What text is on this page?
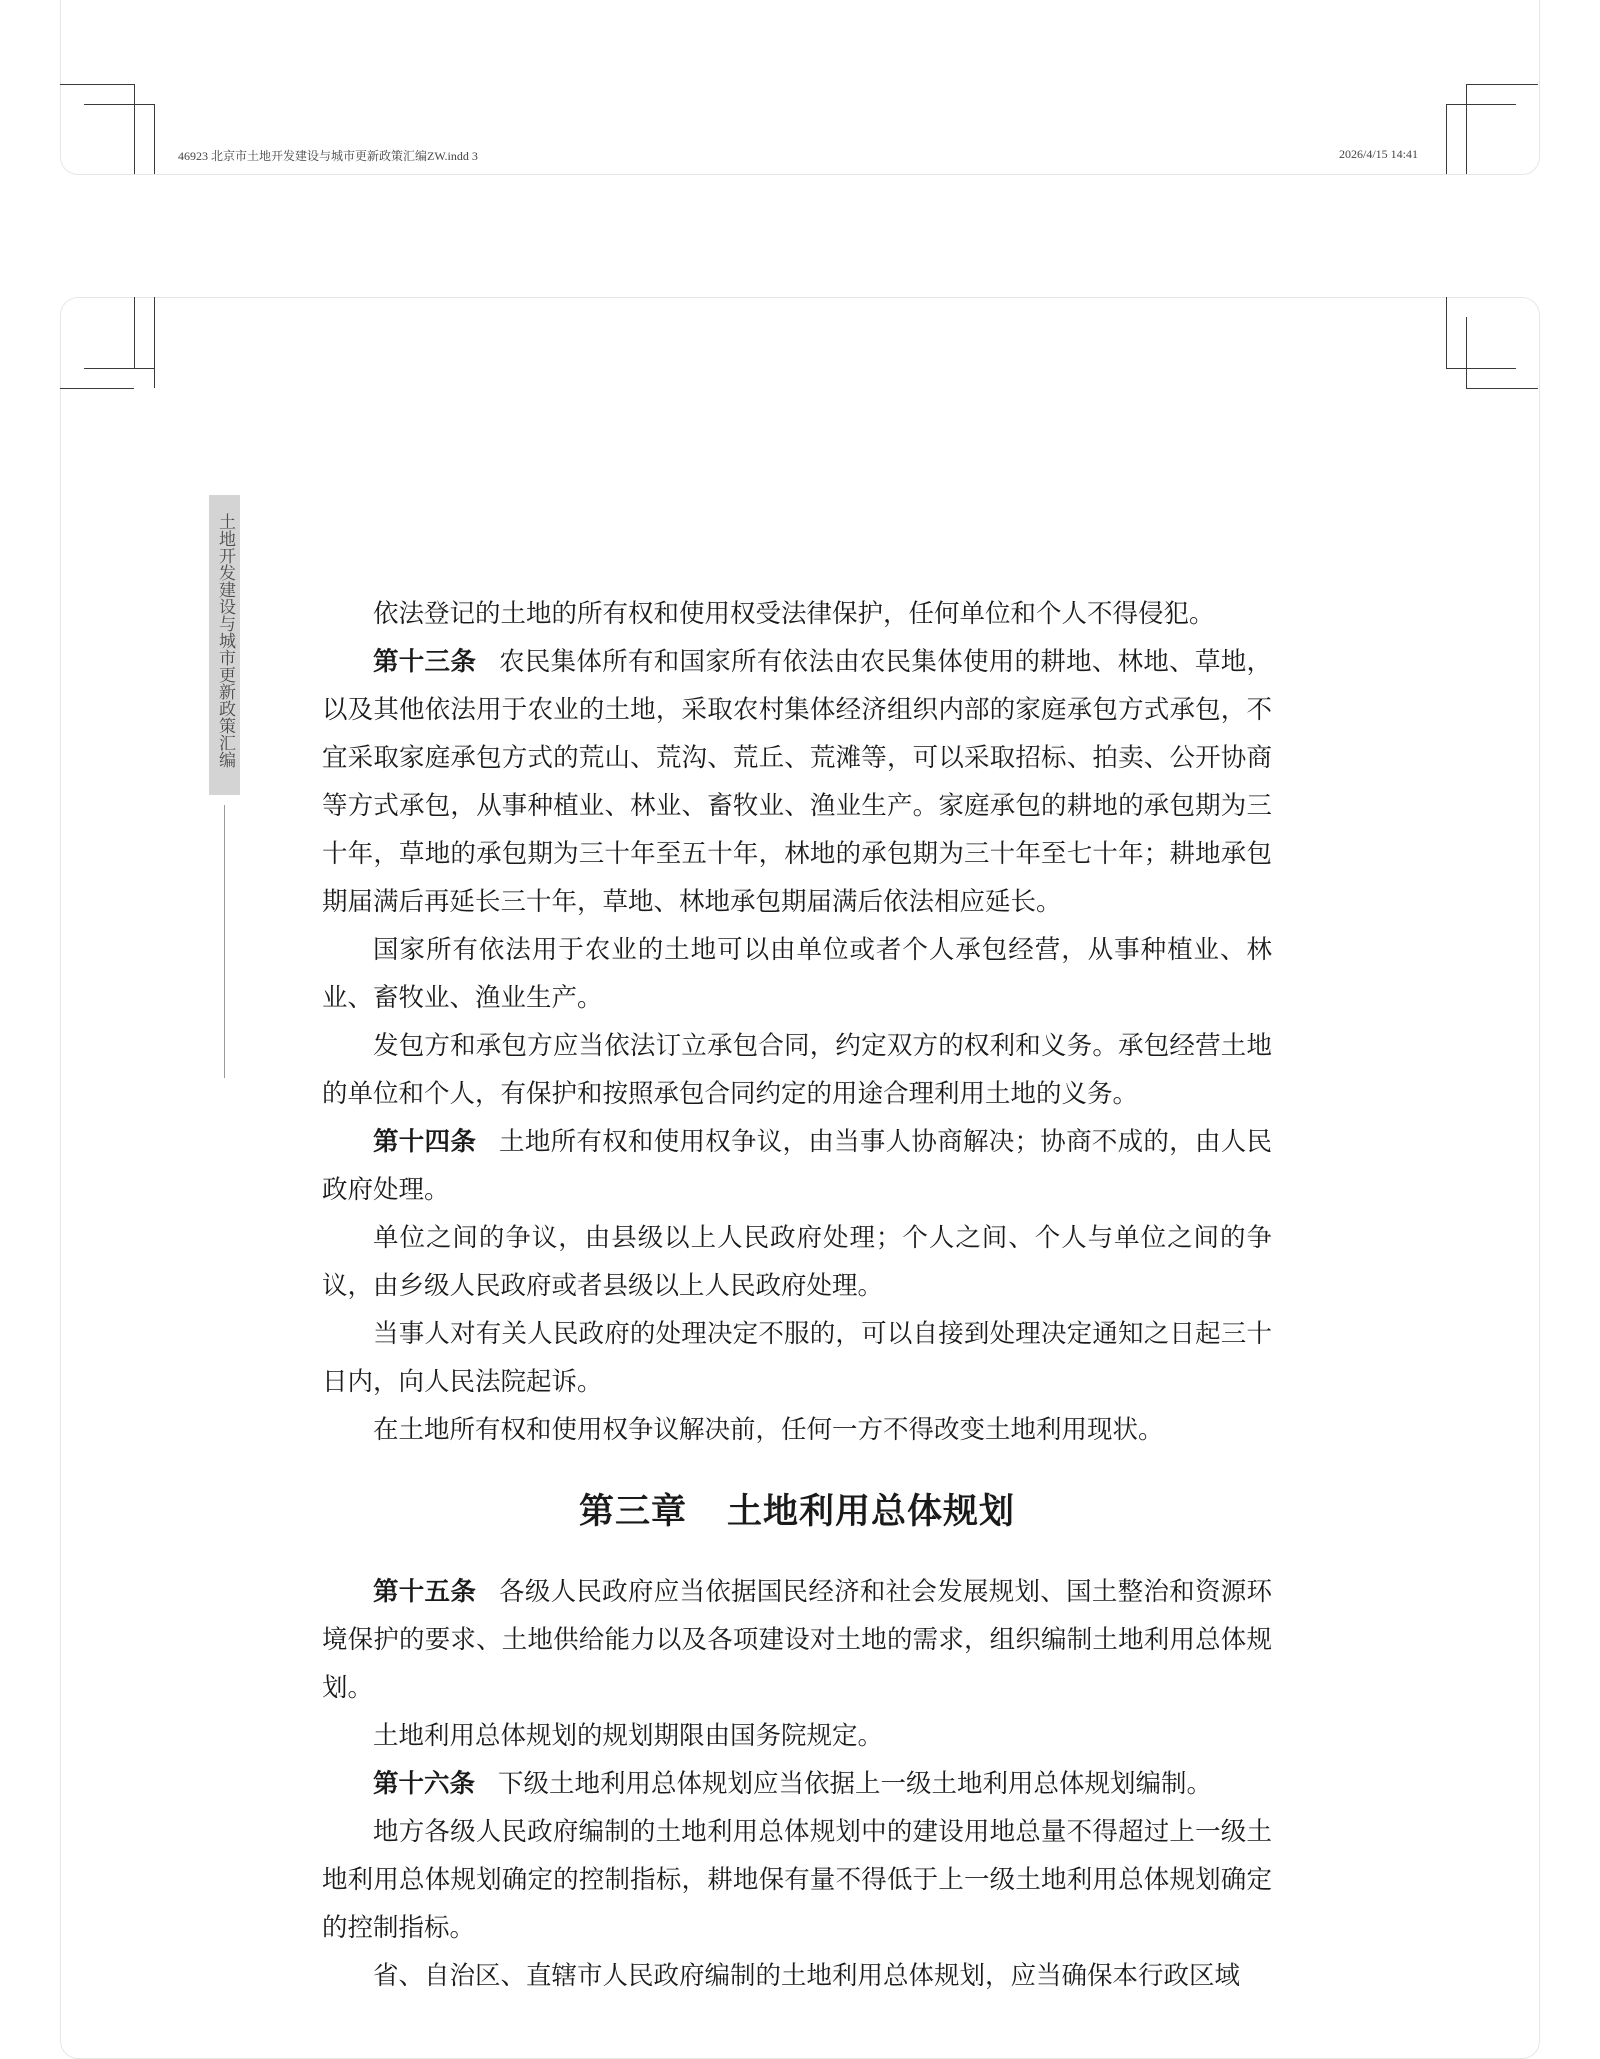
46923 北京市土地开发建设与城市更新政策汇编ZW.indd 3	2026/4/15 14:41
土地开发建设与城市更新政策汇编	依法登记的土地的所有权和使用权受法律保护，任何单位和个人不得侵犯。

第十三条 农民集体所有和国家所有依法由农民集体使用的耕地、林地、草地，以及其他依法用于农业的土地，采取农村集体经济组织内部的家庭承包方式承包，不宜采取家庭承包方式的荒山、荒沟、荒丘、荒滩等，可以采取招标、拍卖、公开协商等方式承包，从事种植业、林业、畜牧业、渔业生产。家庭承包的耕地的承包期为三十年，草地的承包期为三十年至五十年，林地的承包期为三十年至七十年；耕地承包期届满后再延长三十年，草地、林地承包期届满后依法相应延长。

国家所有依法用于农业的土地可以由单位或者个人承包经营，从事种植业、林业、畜牧业、渔业生产。

发包方和承包方应当依法订立承包合同，约定双方的权利和义务。承包经营土地的单位和个人，有保护和按照承包合同约定的用途合理利用土地的义务。

第十四条 土地所有权和使用权争议，由当事人协商解决；协商不成的，由人民政府处理。

单位之间的争议，由县级以上人民政府处理；个人之间、个人与单位之间的争议，由乡级人民政府或者县级以上人民政府处理。

当事人对有关人民政府的处理决定不服的，可以自接到处理决定通知之日起三十日内，向人民法院起诉。

在土地所有权和使用权争议解决前，任何一方不得改变土地利用现状。

第三章 土地利用总体规划

第十五条 各级人民政府应当依据国民经济和社会发展规划、国土整治和资源环境保护的要求、土地供给能力以及各项建设对土地的需求，组织编制土地利用总体规划。

土地利用总体规划的规划期限由国务院规定。

第十六条 下级土地利用总体规划应当依据上一级土地利用总体规划编制。

地方各级人民政府编制的土地利用总体规划中的建设用地总量不得超过上一级土地利用总体规划确定的控制指标，耕地保有量不得低于上一级土地利用总体规划确定的控制指标。

省、自治区、直辖市人民政府编制的土地利用总体规划，应当确保本行政区域
